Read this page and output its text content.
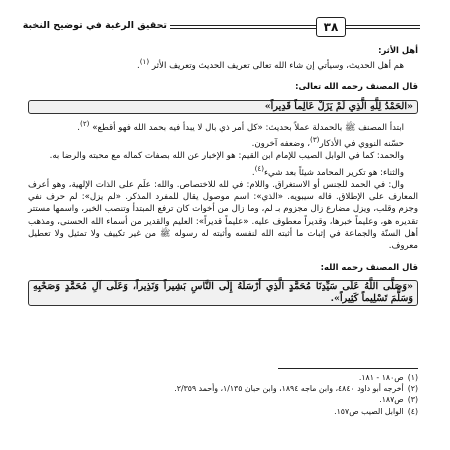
٣٨
تحقيق الرغبة في توضيح النخبة

أهل الأثر:

هم أهل الحديث، وسيأتي إن شاء الله تعالى تعريف الحديث وتعريف الأثر $^{(١)}$.

قال المصنف رحمه الله تعالى:

«الحَمْدُ لِلَّهِ الَّذِي لَمْ يَزَلْ عَالِماً قَدِيراً»

ابتدأ المصنف ﷺ بالحمدلة عملاً بحديث: «كل أمر ذي بال لا يبدأ فيه بحمد الله فهو أقطع» $^{(٢)}$.

حسّنه النووي في الأذكار$^{(٣)}$، وضعفه آخرون.

والحمد: كما في الوابل الصيب للإمام ابن القيم: هو الإخبار عن الله بصفات كماله مع محبته والرضا به.

والثناء: هو تكرير المحامد شيئاً بعد شيء$^{(٤)}$.

وال: في الحمد للجنس أو الاستغراق. واللام: في لله للاختصاص. والله: علَم على الذات الإلهية، وهو أعرف المعارف على الإطلاق. قاله سيبويه. «الذي»: اسم موصول يقال للمفرد المذكر. «لم يزل»: لم حرف نفي وجزم وقلب، ويزل مضارع زال مجزوم بـ لم، وما زال من أخوات كان ترفع المبتدأ وتنصب الخبر، واسمها مستتر تقديره هو، وعليماً خبرها، وقديراً معطوف عليه. «عليماً قديراً»: العليم والقدير من أسماء الله الحسنى، ومذهب أهل السنّة والجماعة في إثبات ما أثبته الله لنفسه وأثبته له رسوله ﷺ من غير تكييف ولا تمثيل ولا تعطيل معروف.

قال المصنف رحمه الله:

«وَصَلَّى اللَّهُ عَلَى سَيِّدِنَا مُحَمَّدٍ الَّذِي أَرْسَلَهُ إِلَى النَّاسِ بَشِيراً وَنَذِيراً، وَعَلَى آلِ مُحَمَّدٍ وَصَحْبِهِ وَسَلَّمَ تَسْلِيماً كَثِيراً».
(١)
ص١٨٠ - ١٨١.
(٢)
أخرجه أبو داود ٤٨٤٠، وابن ماجه ١٨٩٤، وابن حبان ١/١٣٥، وأحمد ٢/٣٥٩.
(٣)
ص١٨٧.
(٤)
الوابل الصيب ص١٥٧.
